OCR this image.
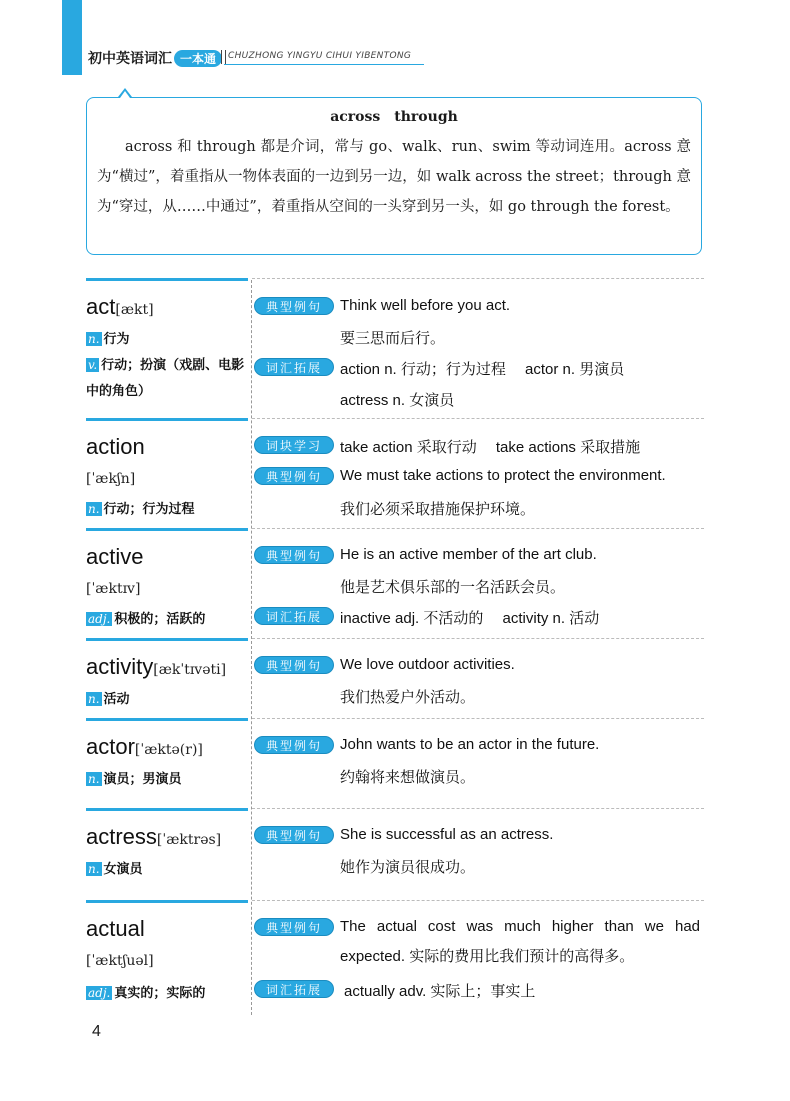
初中英语词汇 一本通	CHUZHONG YINGYU CIHUI YIBENTONG
across　through
across 和 through 都是介词，常与 go、walk、run、swim 等动词连用。across 意为“横过”，着重指从一物体表面的一边到另一边，如 walk across the street；through 意为“穿过，从……中通过”，着重指从空间的一头穿到另一头，如 go through the forest。
act[ækt]
n. 行为
v. 行动；扮演（戏剧、电影中的角色）
典型例句	Think well before you act.
要三思而后行。
词汇拓展	action n. 行动；行为过程　 actor n. 男演员
actress n. 女演员
action
[ˈækʃn]
n. 行动；行为过程
词块学习	take action 采取行动　 take actions 采取措施
典型例句	We must take actions to protect the environment.
我们必须采取措施保护环境。
active
[ˈæktɪv]
adj. 积极的；活跃的
典型例句	He is an active member of the art club.
他是艺术俱乐部的一名活跃会员。
词汇拓展	inactive adj. 不活动的　 activity n. 活动
activity[ækˈtɪvəti]
n. 活动
典型例句	We love outdoor activities.
我们热爱户外活动。
actor[ˈæktə(r)]
n. 演员；男演员
典型例句	John wants to be an actor in the future.
约翰将来想做演员。
actress[ˈæktrəs]
n. 女演员
典型例句	She is successful as an actress.
她作为演员很成功。
actual
[ˈæktʃuəl]
adj. 真实的；实际的
典型例句	The actual cost was much higher than we had expected. 实际的费用比我们预计的高得多。
词汇拓展	actually adv. 实际上；事实上
4
